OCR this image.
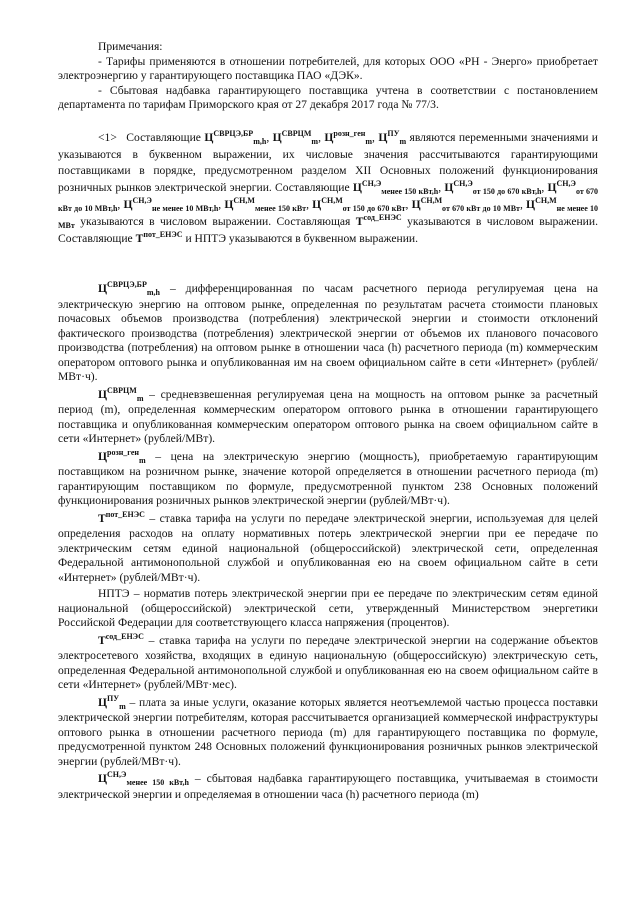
Примечания:
- Тарифы применяются в отношении потребителей, для которых ООО «РН - Энерго» приобретает электроэнергию у гарантирующего поставщика ПАО «ДЭК».
- Сбытовая надбавка гарантирующего поставщика учтена в соответствии с постановлением департамента по тарифам Приморского края от 27 декабря 2017 года № 77/3.
<1> Составляющие $Ц^{СВРЦЭ,БР}_{m,h}$, $Ц^{СВРЦМ}_m$, $Ц^{розн\_ген}_m$, $Ц^{ПУ}_m$ являются переменными значениями и указываются в буквенном выражении, их числовые значения рассчитываются гарантирующими поставщиками в порядке, предусмотренном разделом XII Основных положений функционирования розничных рынков электрической энергии. Составляющие $Ц^{СН,Э}_{менее 150 кВт,h}$, $Ц^{СН,Э}_{от 150 до 670 кВт,h}$, $Ц^{СН,Э}_{от 670 кВт до 10 МВт,h}$, $Ц^{СН,Э}_{не менее 10 МВт,h}$, $Ц^{СН,М}_{менее 150 кВт}$, $Ц^{СН,М}_{от 150 до 670 кВт}$, $Ц^{СН,М}_{от 670 кВт до 10 МВт}$, $Ц^{СН,М}_{не менее 10 МВт}$ указываются в числовом выражении. Составляющая $Т^{сод\_ЕНЭС}$ указываются в числовом выражении. Составляющие $Т^{пот\_ЕНЭС}$ и НПТЭ указываются в буквенном выражении.
$Ц^{СВРЦЭ,БР}_{m,h}$ – дифференцированная по часам расчетного периода регулируемая цена на электрическую энергию на оптовом рынке, определенная по результатам расчета стоимости плановых почасовых объемов производства (потребления) электрической энергии и стоимости отклонений фактического производства (потребления) электрической энергии от объемов их планового почасового производства (потребления) на оптовом рынке в отношении часа (h) расчетного периода (m) коммерческим оператором оптового рынка и опубликованная им на своем официальном сайте в сети «Интернет» (рублей/МВт·ч).
$Ц^{СВРЦМ}_m$ – средневзвешенная регулируемая цена на мощность на оптовом рынке за расчетный период (m), определенная коммерческим оператором оптового рынка в отношении гарантирующего поставщика и опубликованная коммерческим оператором оптового рынка на своем официальном сайте в сети «Интернет» (рублей/МВт).
$Ц^{розн\_ген}_m$ – цена на электрическую энергию (мощность), приобретаемую гарантирующим поставщиком на розничном рынке, значение которой определяется в отношении расчетного периода (m) гарантирующим поставщиком по формуле, предусмотренной пунктом 238 Основных положений функционирования розничных рынков электрической энергии (рублей/МВт·ч).
$Т^{пот\_ЕНЭС}$ – ставка тарифа на услуги по передаче электрической энергии, используемая для целей определения расходов на оплату нормативных потерь электрической энергии при ее передаче по электрическим сетям единой национальной (общероссийской) электрической сети, определенная Федеральной антимонопольной службой и опубликованная ею на своем официальном сайте в сети «Интернет» (рублей/МВт·ч).
НПТЭ – норматив потерь электрической энергии при ее передаче по электрическим сетям единой национальной (общероссийской) электрической сети, утвержденный Министерством энергетики Российской Федерации для соответствующего класса напряжения (процентов).
$Т^{сод\_ЕНЭС}$ – ставка тарифа на услуги по передаче электрической энергии на содержание объектов электросетевого хозяйства, входящих в единую национальную (общероссийскую) электрическую сеть, определенная Федеральной антимонопольной службой и опубликованная ею на своем официальном сайте в сети «Интернет» (рублей/МВт·мес).
$Ц^{ПУ}_m$ – плата за иные услуги, оказание которых является неотъемлемой частью процесса поставки электрической энергии потребителям, которая рассчитывается организацией коммерческой инфраструктуры оптового рынка в отношении расчетного периода (m) для гарантирующего поставщика по формуле, предусмотренной пунктом 248 Основных положений функционирования розничных рынков электрической энергии (рублей/МВт·ч).
$Ц^{СН,Э}_{менее 150 кВт,h}$ – сбытовая надбавка гарантирующего поставщика, учитываемая в стоимости электрической энергии и определяемая в отношении часа (h) расчетного периода (m)
